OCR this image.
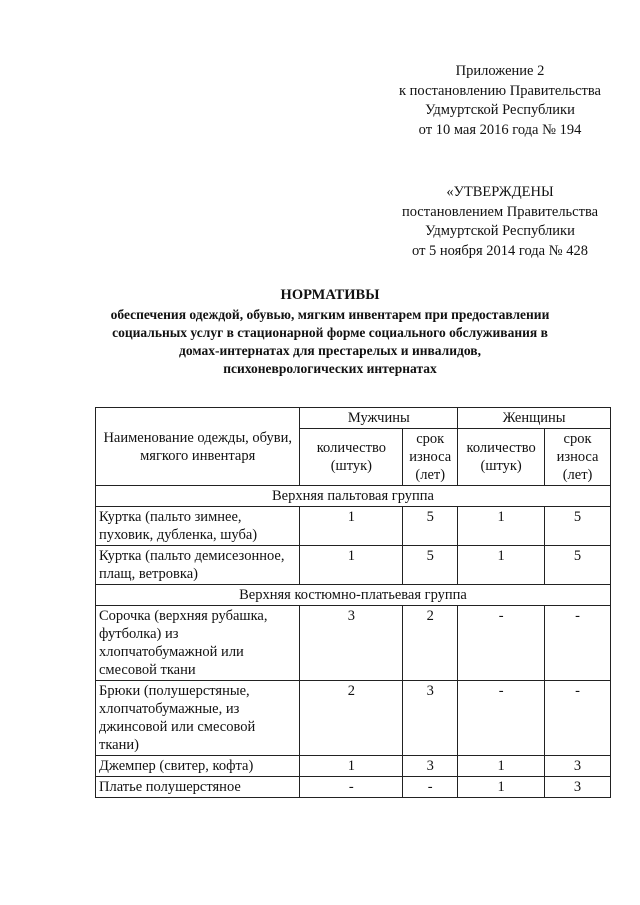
Приложение 2
к постановлению Правительства
Удмуртской Республики
от 10 мая 2016 года № 194
«УТВЕРЖДЕНЫ
постановлением Правительства
Удмуртской Республики
от 5 ноября 2014 года № 428
НОРМАТИВЫ
обеспечения одеждой, обувью, мягким инвентарем при предоставлении
социальных услуг в стационарной форме социального обслуживания в
домах-интернатах для престарелых и инвалидов,
психоневрологических интернатах
Наименование одежды, обуви, мягкого инвентаря	Мужчины		Женщины	
	количество (штук)	срок износа (лет)	количество (штук)	срок износа (лет)
Верхняя пальтовая группа				
Куртка (пальто зимнее, пуховик, дубленка, шуба)	1	5	1	5
Куртка (пальто демисезонное, плащ, ветровка)	1	5	1	5
Верхняя костюмно-платьевая группа				
Сорочка (верхняя рубашка, футболка) из хлопчатобумажной или смесовой ткани	3	2	-	-
Брюки (полушерстяные, хлопчатобумажные, из джинсовой или смесовой ткани)	2	3	-	-
Джемпер (свитер, кофта)	1	3	1	3
Платье полушерстяное	-	-	1	3
